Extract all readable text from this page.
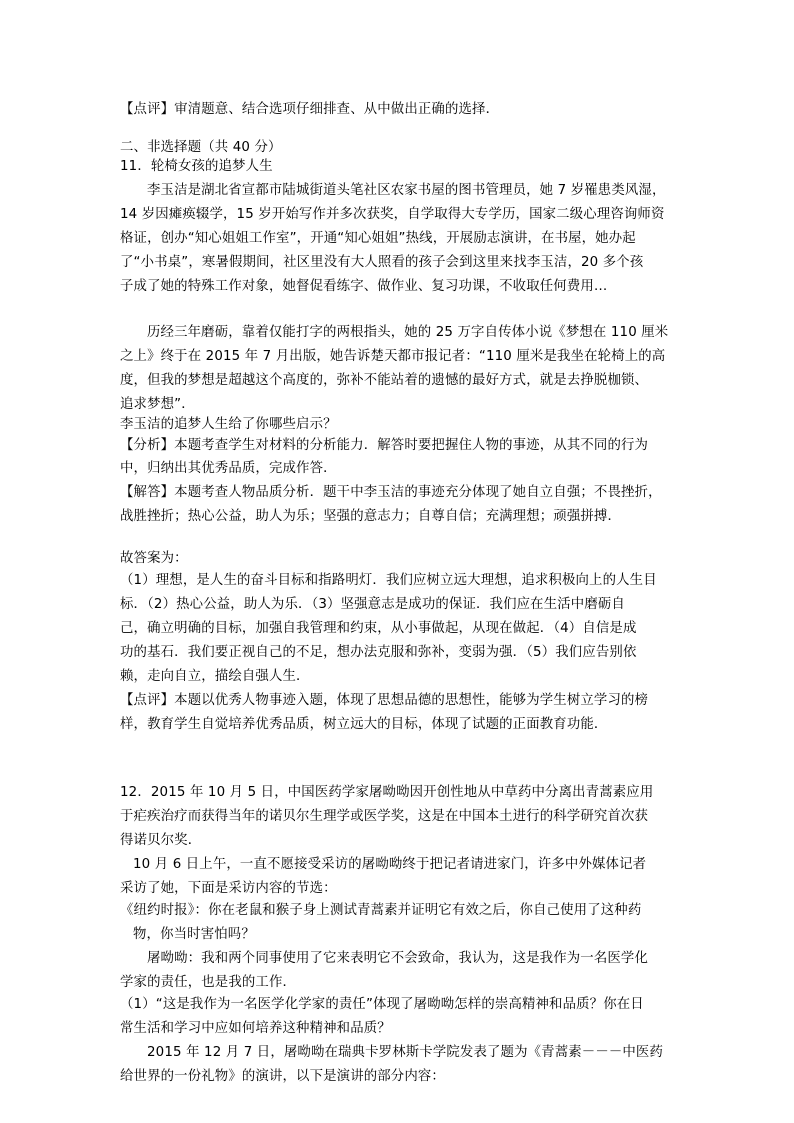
【点评】审清题意、结合选项仔细排查、从中做出正确的选择．
二、非选择题（共 40 分）
11．轮椅女孩的追梦人生
李玉洁是湖北省宣都市陆城街道头笔社区农家书屋的图书管理员，她 7 岁罹患类风湿，
14 岁因瘫痪辍学，15 岁开始写作并多次获奖，自学取得大专学历，国家二级心理咨询师资
格证，创办“知心姐姐工作室”，开通“知心姐姐”热线，开展励志演讲，在书屋，她办起
了“小书桌”，寒暑假期间，社区里没有大人照看的孩子会到这里来找李玉洁，20 多个孩
子成了她的特殊工作对象，她督促看练字、做作业、复习功课，不收取任何费用…
历经三年磨砺，靠着仅能打字的两根指头，她的 25 万字自传体小说《梦想在 110 厘米
之上》终于在 2015 年 7 月出版，她告诉楚天都市报记者：“110 厘米是我坐在轮椅上的高
度，但我的梦想是超越这个高度的，弥补不能站着的遗憾的最好方式，就是去挣脱枷锁、
追求梦想”．
李玉洁的追梦人生给了你哪些启示？
【分析】本题考查学生对材料的分析能力．解答时要把握住人物的事迹，从其不同的行为
中，归纳出其优秀品质，完成作答．
【解答】本题考查人物品质分析．题干中李玉洁的事迹充分体现了她自立自强；不畏挫折，
战胜挫折；热心公益，助人为乐；坚强的意志力；自尊自信；充满理想；顽强拼搏．
故答案为：
（1）理想，是人生的奋斗目标和指路明灯．我们应树立远大理想，追求积极向上的人生目
标．（2）热心公益，助人为乐．（3）坚强意志是成功的保证．我们应在生活中磨砺自
己，确立明确的目标，加强自我管理和约束，从小事做起，从现在做起．（4）自信是成
功的基石．我们要正视自己的不足，想办法克服和弥补，变弱为强．（5）我们应告别依
赖，走向自立，描绘自强人生．
【点评】本题以优秀人物事迹入题，体现了思想品德的思想性，能够为学生树立学习的榜
样，教育学生自觉培养优秀品质，树立远大的目标，体现了试题的正面教育功能．
12．2015 年 10 月 5 日，中国医药学家屠呦呦因开创性地从中草药中分离出青蒿素应用
于疟疾治疗而获得当年的诺贝尔生理学或医学奖，这是在中国本土进行的科学研究首次获
得诺贝尔奖．
10 月 6 日上午，一直不愿接受采访的屠呦呦终于把记者请进家门，许多中外媒体记者
采访了她，下面是采访内容的节选：
《纽约时报》：你在老鼠和猴子身上测试青蒿素并证明它有效之后，你自己使用了这种药
物，你当时害怕吗？
屠呦呦：我和两个同事使用了它来表明它不会致命，我认为，这是我作为一名医学化
学家的责任，也是我的工作．
（1）“这是我作为一名医学化学家的责任”体现了屠呦呦怎样的崇高精神和品质？你在日
常生活和学习中应如何培养这种精神和品质？
2015 年 12 月 7 日，屠呦呦在瑞典卡罗林斯卡学院发表了题为《青蒿素－－－中医药
给世界的一份礼物》的演讲，以下是演讲的部分内容：
